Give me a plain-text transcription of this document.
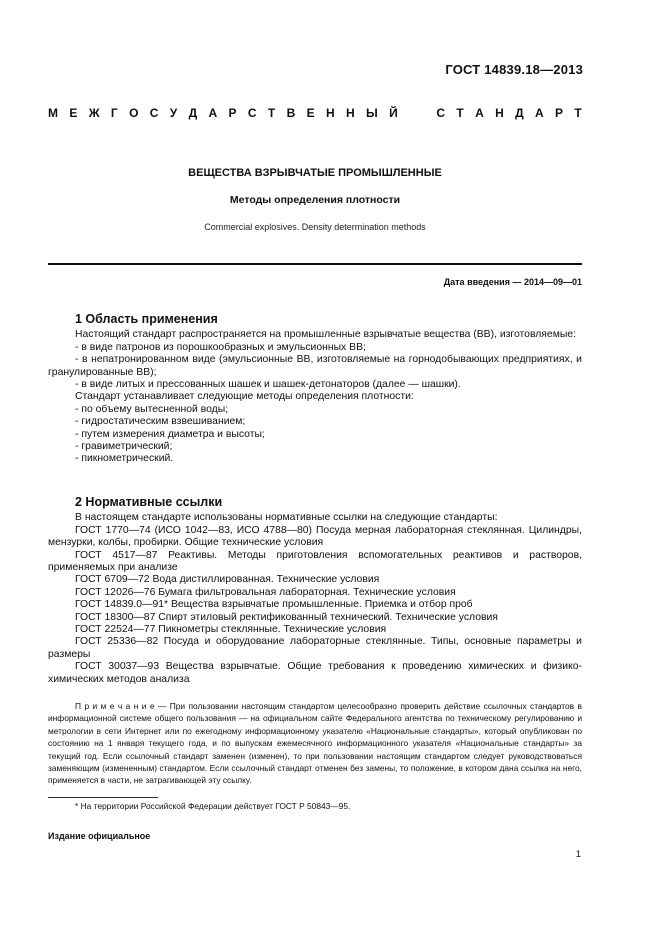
ГОСТ 14839.18—2013
М Е Ж Г О С У Д А Р С Т В Е Н Н Ы Й	С Т А Н Д А Р Т
ВЕЩЕСТВА ВЗРЫВЧАТЫЕ ПРОМЫШЛЕННЫЕ
Методы определения плотности
Commercial explosives. Density determination methods
Дата введения — 2014—09—01
1 Область применения

Настоящий стандарт распространяется на промышленные взрывчатые вещества (ВВ), изготовляемые:

- в виде патронов из порошкообразных и эмульсионных ВВ;

- в непатронированном виде (эмульсионные ВВ, изготовляемые на горнодобывающих предприятиях, и гранулированные ВВ);

- в виде литых и прессованных шашек и шашек-детонаторов (далее — шашки).

Стандарт устанавливает следующие методы определения плотности:

- по объему вытесненной воды;

- гидростатическим взвешиванием;

- путем измерения диаметра и высоты;

- гравиметрический;

- пикнометрический.

2 Нормативные ссылки

В настоящем стандарте использованы нормативные ссылки на следующие стандарты:

ГОСТ 1770—74 (ИСО 1042—83, ИСО 4788—80) Посуда мерная лабораторная стеклянная. Цилиндры, мензурки, колбы, пробирки. Общие технические условия

ГОСТ 4517—87 Реактивы. Методы приготовления вспомогательных реактивов и растворов, применяемых при анализе

ГОСТ 6709—72 Вода дистиллированная. Технические условия

ГОСТ 12026—76 Бумага фильтровальная лабораторная. Технические условия

ГОСТ 14839.0—91* Вещества взрывчатые промышленные. Приемка и отбор проб

ГОСТ 18300—87 Спирт этиловый ректификованный технический. Технические условия

ГОСТ 22524—77 Пикнометры стеклянные. Технические условия

ГОСТ 25336—82 Посуда и оборудование лабораторные стеклянные. Типы, основные параметры и размеры

ГОСТ 30037—93 Вещества взрывчатые. Общие требования к проведению химических и физико-химических методов анализа

П р и м е ч а н и е — При пользовании настоящим стандартом целесообразно проверить действие ссылочных стандартов в информационной системе общего пользования — на официальном сайте Федерального агентства по техническому регулированию и метрологии в сети Интернет или по ежегодному информационному указателю «Национальные стандарты», который опубликован по состоянию на 1 января текущего года, и по выпускам ежемесячного информационного указателя «Национальные стандарты» за текущий год. Если ссылочный стандарт заменен (изменен), то при пользовании настоящим стандартом следует руководствоваться заменяющим (измененным) стандартом. Если ссылочный стандарт отменен без замены, то положение, в котором дана ссылка на него, применяется в части, не затрагивающей эту ссылку.

* На территории Российской Федерации действует ГОСТ Р 50843—95.
Издание официальное
1
